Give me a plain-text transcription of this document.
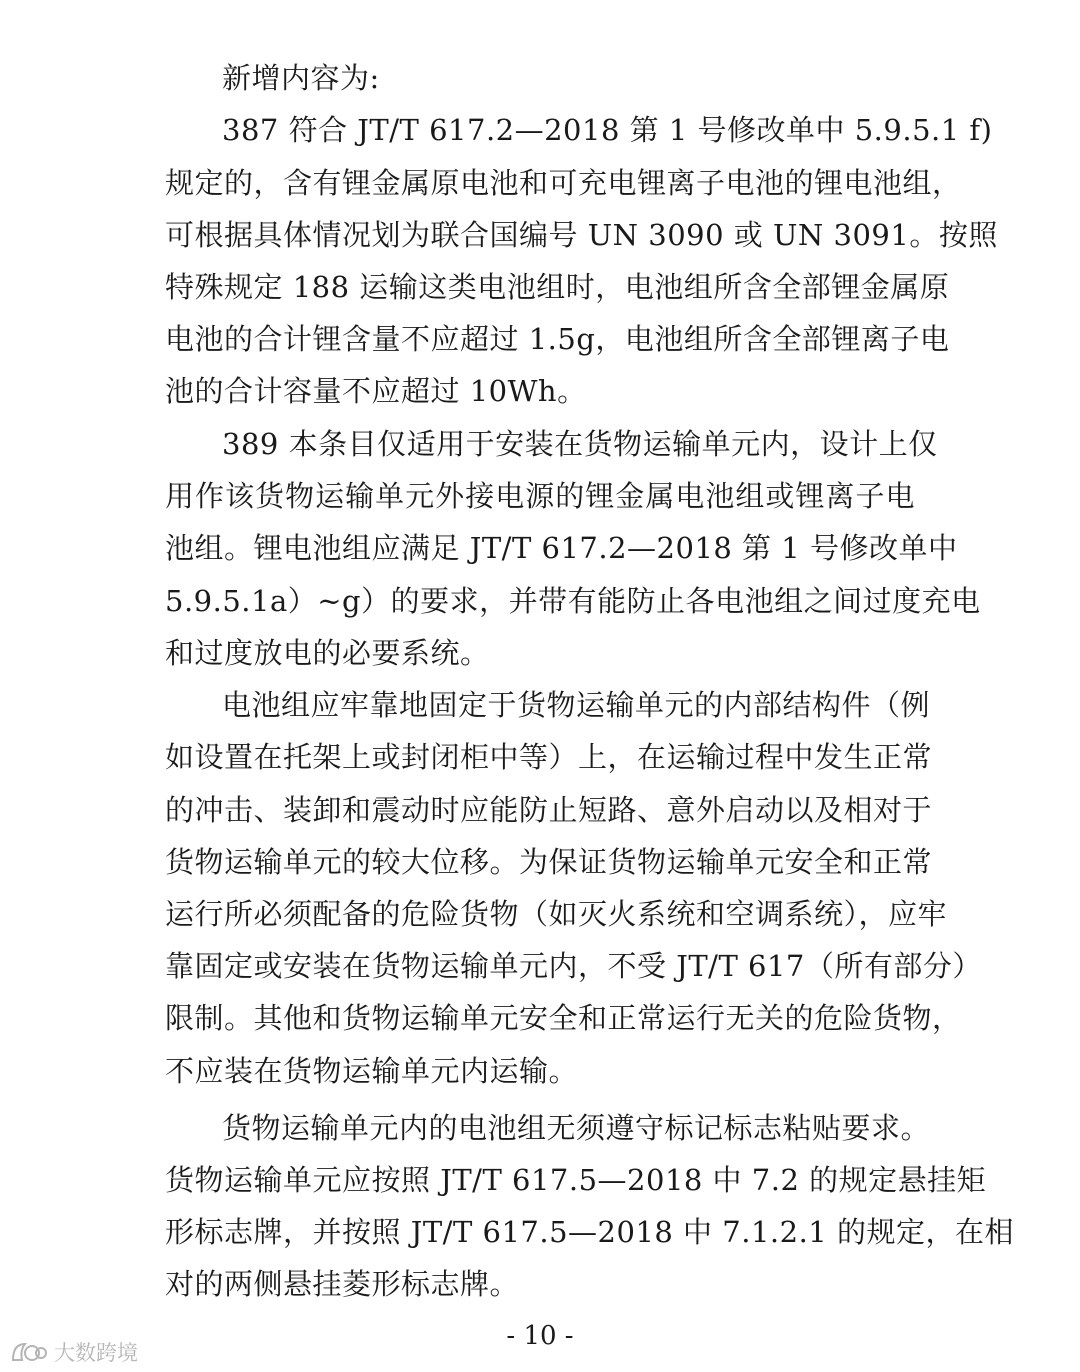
新增内容为:
387 符合 JT/T 617.2—2018 第 1 号修改单中 5.9.5.1 f)
规定的，含有锂金属原电池和可充电锂离子电池的锂电池组，
可根据具体情况划为联合国编号 UN 3090 或 UN 3091。按照
特殊规定 188 运输这类电池组时，电池组所含全部锂金属原
电池的合计锂含量不应超过 1.5g，电池组所含全部锂离子电
池的合计容量不应超过 10Wh。
389 本条目仅适用于安装在货物运输单元内，设计上仅
用作该货物运输单元外接电源的锂金属电池组或锂离子电
池组。锂电池组应满足 JT/T 617.2—2018 第 1 号修改单中
5.9.5.1a）~g）的要求，并带有能防止各电池组之间过度充电
和过度放电的必要系统。
电池组应牢靠地固定于货物运输单元的内部结构件（例
如设置在托架上或封闭柜中等）上，在运输过程中发生正常
的冲击、装卸和震动时应能防止短路、意外启动以及相对于
货物运输单元的较大位移。为保证货物运输单元安全和正常
运行所必须配备的危险货物（如灭火系统和空调系统），应牢
靠固定或安装在货物运输单元内，不受 JT/T 617（所有部分）
限制。其他和货物运输单元安全和正常运行无关的危险货物，
不应装在货物运输单元内运输。
货物运输单元内的电池组无须遵守标记标志粘贴要求。
货物运输单元应按照 JT/T 617.5—2018 中 7.2 的规定悬挂矩
形标志牌，并按照 JT/T 617.5—2018 中 7.1.2.1 的规定，在相
对的两侧悬挂菱形标志牌。
- 10 -
大数跨境
